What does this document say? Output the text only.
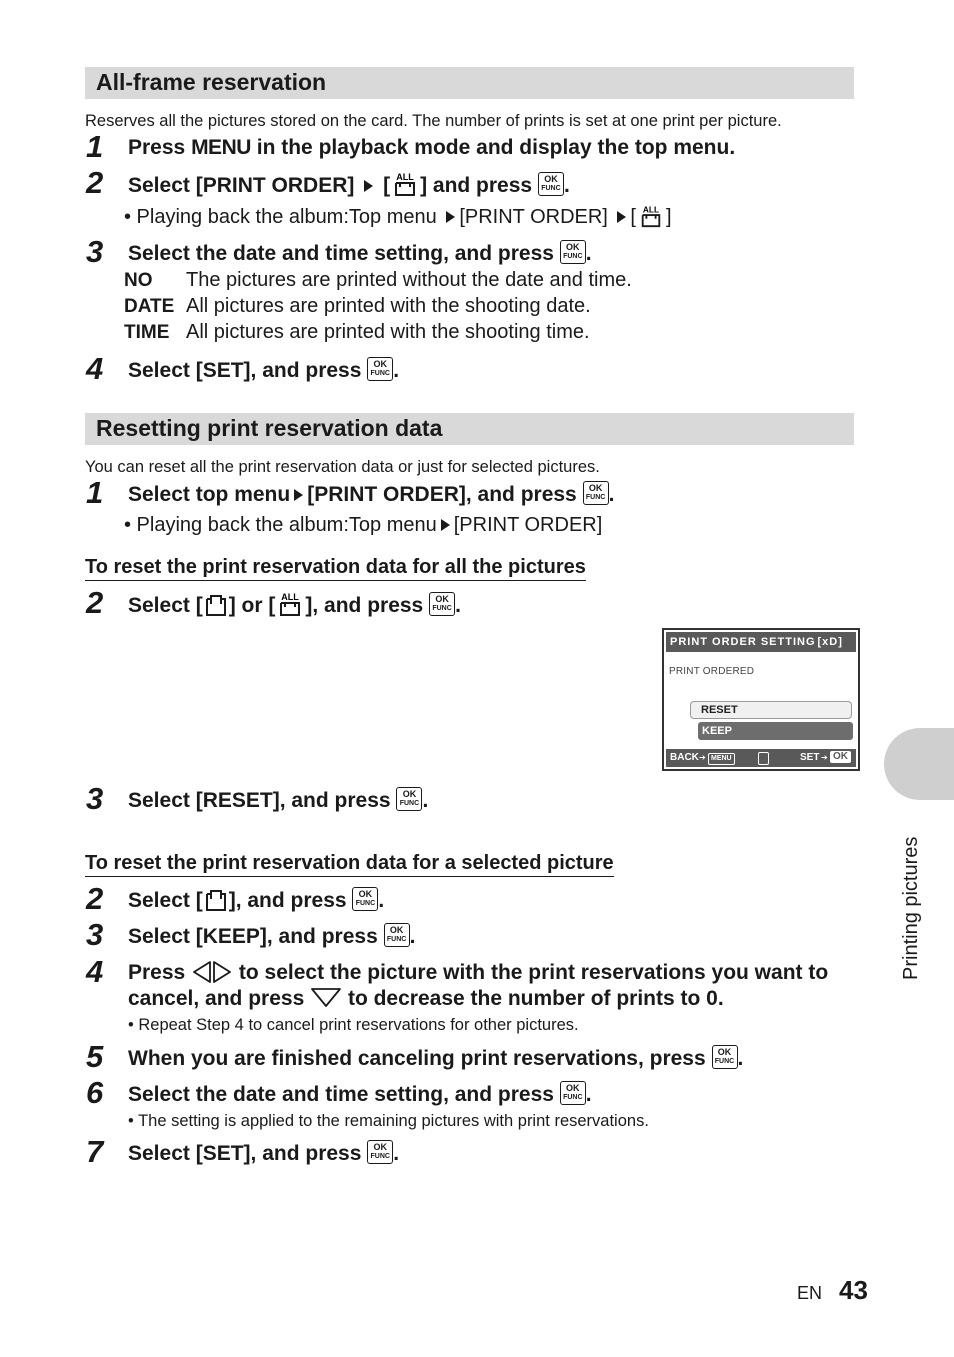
All-frame reservation
Reserves all the pictures stored on the card. The number of prints is set at one print per picture.
1 Press MENU in the playback mode and display the top menu.
2 Select [PRINT ORDER] [ ALL ] and press	OK
FUNC .
• Playing back the album:Top menu [PRINT ORDER] [ ALL ]
3 Select the date and time setting, and press	OK
FUNC .
NO The pictures are printed without the date and time.
DATE All pictures are printed with the shooting date.
TIME All pictures are printed with the shooting time.
4 Select [SET], and press	OK
FUNC .
Resetting print reservation data
You can reset all the print reservation data or just for selected pictures.
1 Select top menu [PRINT ORDER], and press	OK
FUNC .
• Playing back the album:Top menu [PRINT ORDER]
To reset the print reservation data for all the pictures
2 Select [ ] or [ ALL ], and press	OK
FUNC .
PRINT ORDER SETTING [xD]
PRINT ORDERED
RESET
KEEP
BACK ➔ MENU	SET ➔ OK
Printing pictures
3 Select [RESET], and press	OK
FUNC .
To reset the print reservation data for a selected picture
2 Select [ ], and press	OK
FUNC .
3 Select [KEEP], and press	OK
FUNC .
4 Press	to select the picture with the print reservations you want to cancel, and press to decrease the number of prints to 0.
• Repeat Step 4 to cancel print reservations for other pictures.
5 When you are finished canceling print reservations, press	OK
FUNC .
6 Select the date and time setting, and press	OK
FUNC .
• The setting is applied to the remaining pictures with print reservations.
7 Select [SET], and press	OK
FUNC .
EN 43
